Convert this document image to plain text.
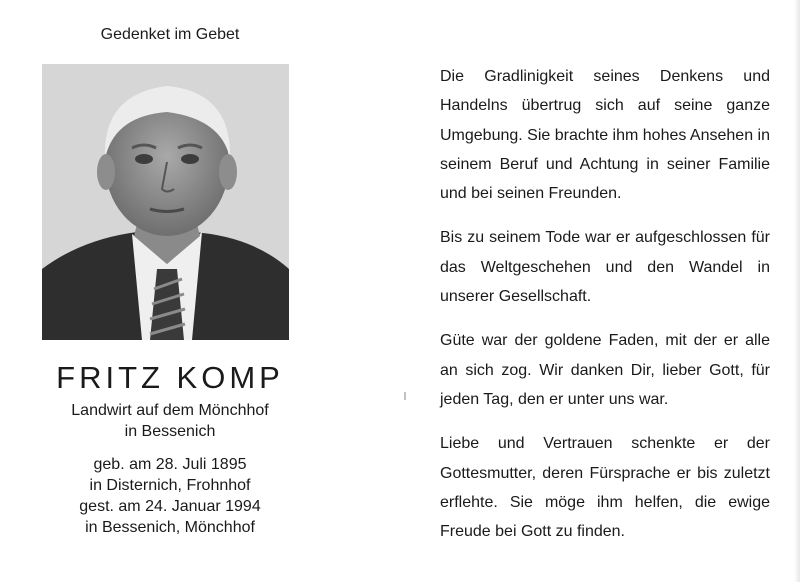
Gedenket im Gebet
FRITZ KOMP
Landwirt auf dem Mönchhof
in Bessenich
geb. am 28. Juli 1895
in Disternich, Frohnhof
gest. am 24. Januar 1994
in Bessenich, Mönchhof

Die Gradlinigkeit seines Denkens und Handelns übertrug sich auf seine ganze Umgebung. Sie brachte ihm hohes Ansehen in seinem Beruf und Achtung in seiner Familie und bei seinen Freunden.

Bis zu seinem Tode war er aufgeschlossen für das Weltgeschehen und den Wandel in unserer Gesellschaft.

Güte war der goldene Faden, mit der er alle an sich zog. Wir danken Dir, lieber Gott, für jeden Tag, den er unter uns war.

Liebe und Vertrauen schenkte er der Gottesmutter, deren Fürsprache er bis zuletzt erflehte. Sie möge ihm helfen, die ewige Freude bei Gott zu finden.
